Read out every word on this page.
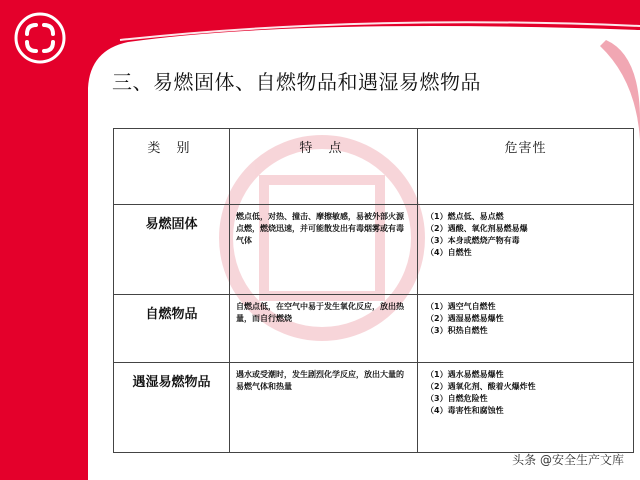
三、易燃固体、自燃物品和遇湿易燃物品
类 别	特 点	危害性
易燃固体	燃点低，对热、撞击、摩擦敏感，易被外部火源点燃，燃烧迅速，并可能散发出有毒烟雾或有毒气体	（1）燃点低、易点燃
（2）遇酸、氧化剂易燃易爆
（3）本身或燃烧产物有毒
（4）自燃性

自燃物品	自燃点低，在空气中易于发生氧化反应，放出热量，而自行燃烧	（1）遇空气自燃性
（2）遇湿易燃易爆性
（3）积热自燃性

遇湿易燃物品	遇水或受潮时，发生剧烈化学反应，放出大量的易燃气体和热量	（1）遇水易燃易爆性
（2）遇氧化剂、酸着火爆炸性
（3）自燃危险性
（4）毒害性和腐蚀性
头条 @安全生产文库
